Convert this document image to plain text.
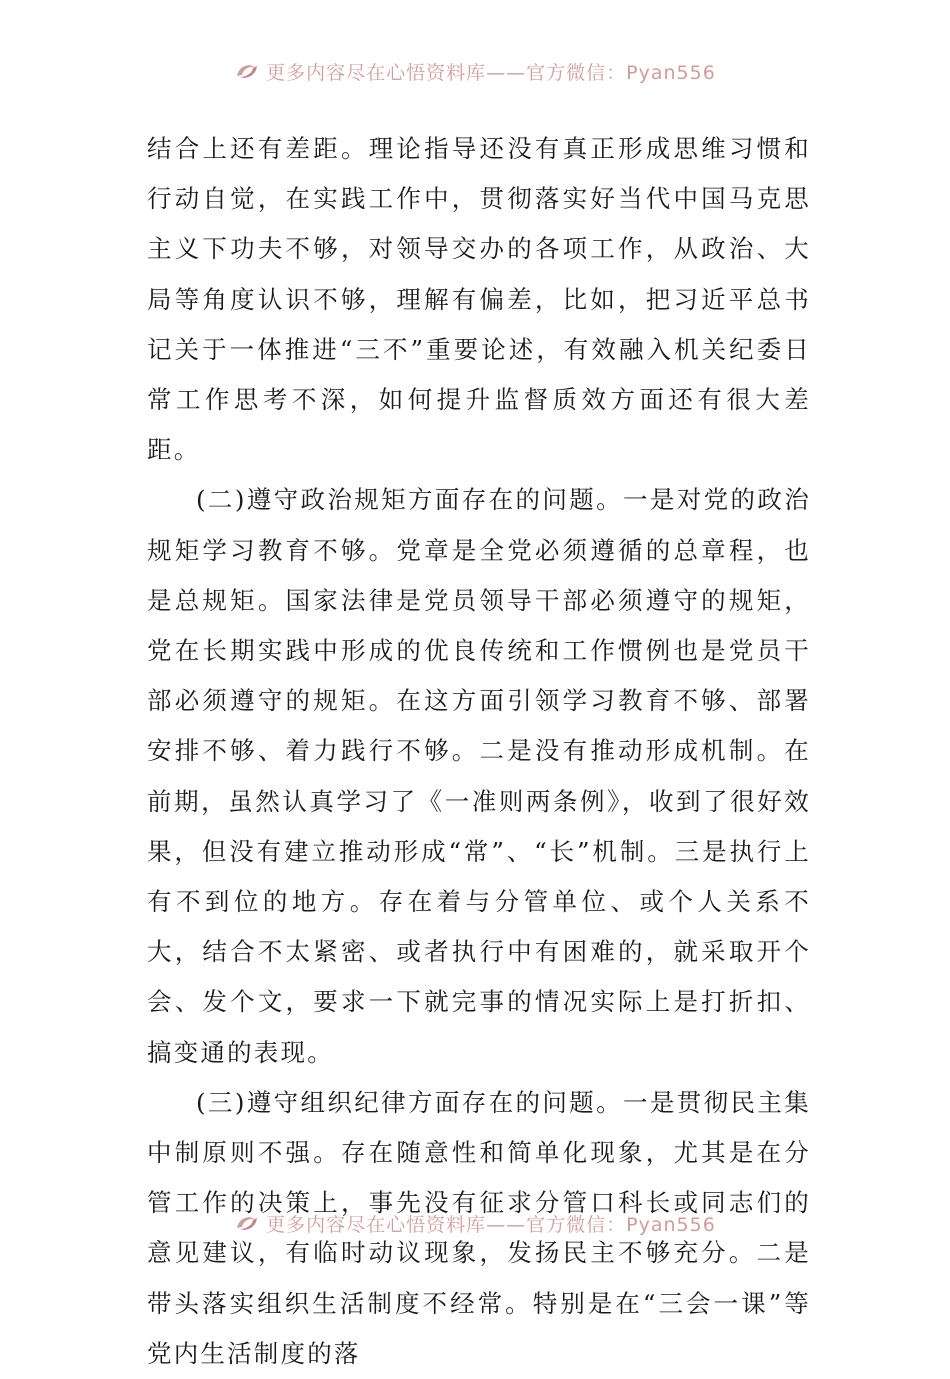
更多内容尽在心悟资料库——官方微信：Pyan556

结合上还有差距。理论指导还没有真正形成思维习惯和行动自觉，在实践工作中，贯彻落实好当代中国马克思主义下功夫不够，对领导交办的各项工作，从政治、大局等角度认识不够，理解有偏差，比如，把习近平总书记关于一体推进“三不”重要论述，有效融入机关纪委日常工作思考不深，如何提升监督质效方面还有很大差距。

(二)遵守政治规矩方面存在的问题。一是对党的政治规矩学习教育不够。党章是全党必须遵循的总章程，也是总规矩。国家法律是党员领导干部必须遵守的规矩，党在长期实践中形成的优良传统和工作惯例也是党员干部必须遵守的规矩。在这方面引领学习教育不够、部署安排不够、着力践行不够。二是没有推动形成机制。在前期，虽然认真学习了《一准则两条例》，收到了很好效果，但没有建立推动形成“常”、“长”机制。三是执行上有不到位的地方。存在着与分管单位、或个人关系不大，结合不太紧密、或者执行中有困难的，就采取开个会、发个文，要求一下就完事的情况实际上是打折扣、搞变通的表现。

(三)遵守组织纪律方面存在的问题。一是贯彻民主集中制原则不强。存在随意性和简单化现象，尤其是在分管工作的决策上，事先没有征求分管口科长或同志们的意见建议，有临时动议现象，发扬民主不够充分。二是带头落实组织生活制度不经常。特别是在“三会一课”等党内生活制度的落

更多内容尽在心悟资料库——官方微信：Pyan556
